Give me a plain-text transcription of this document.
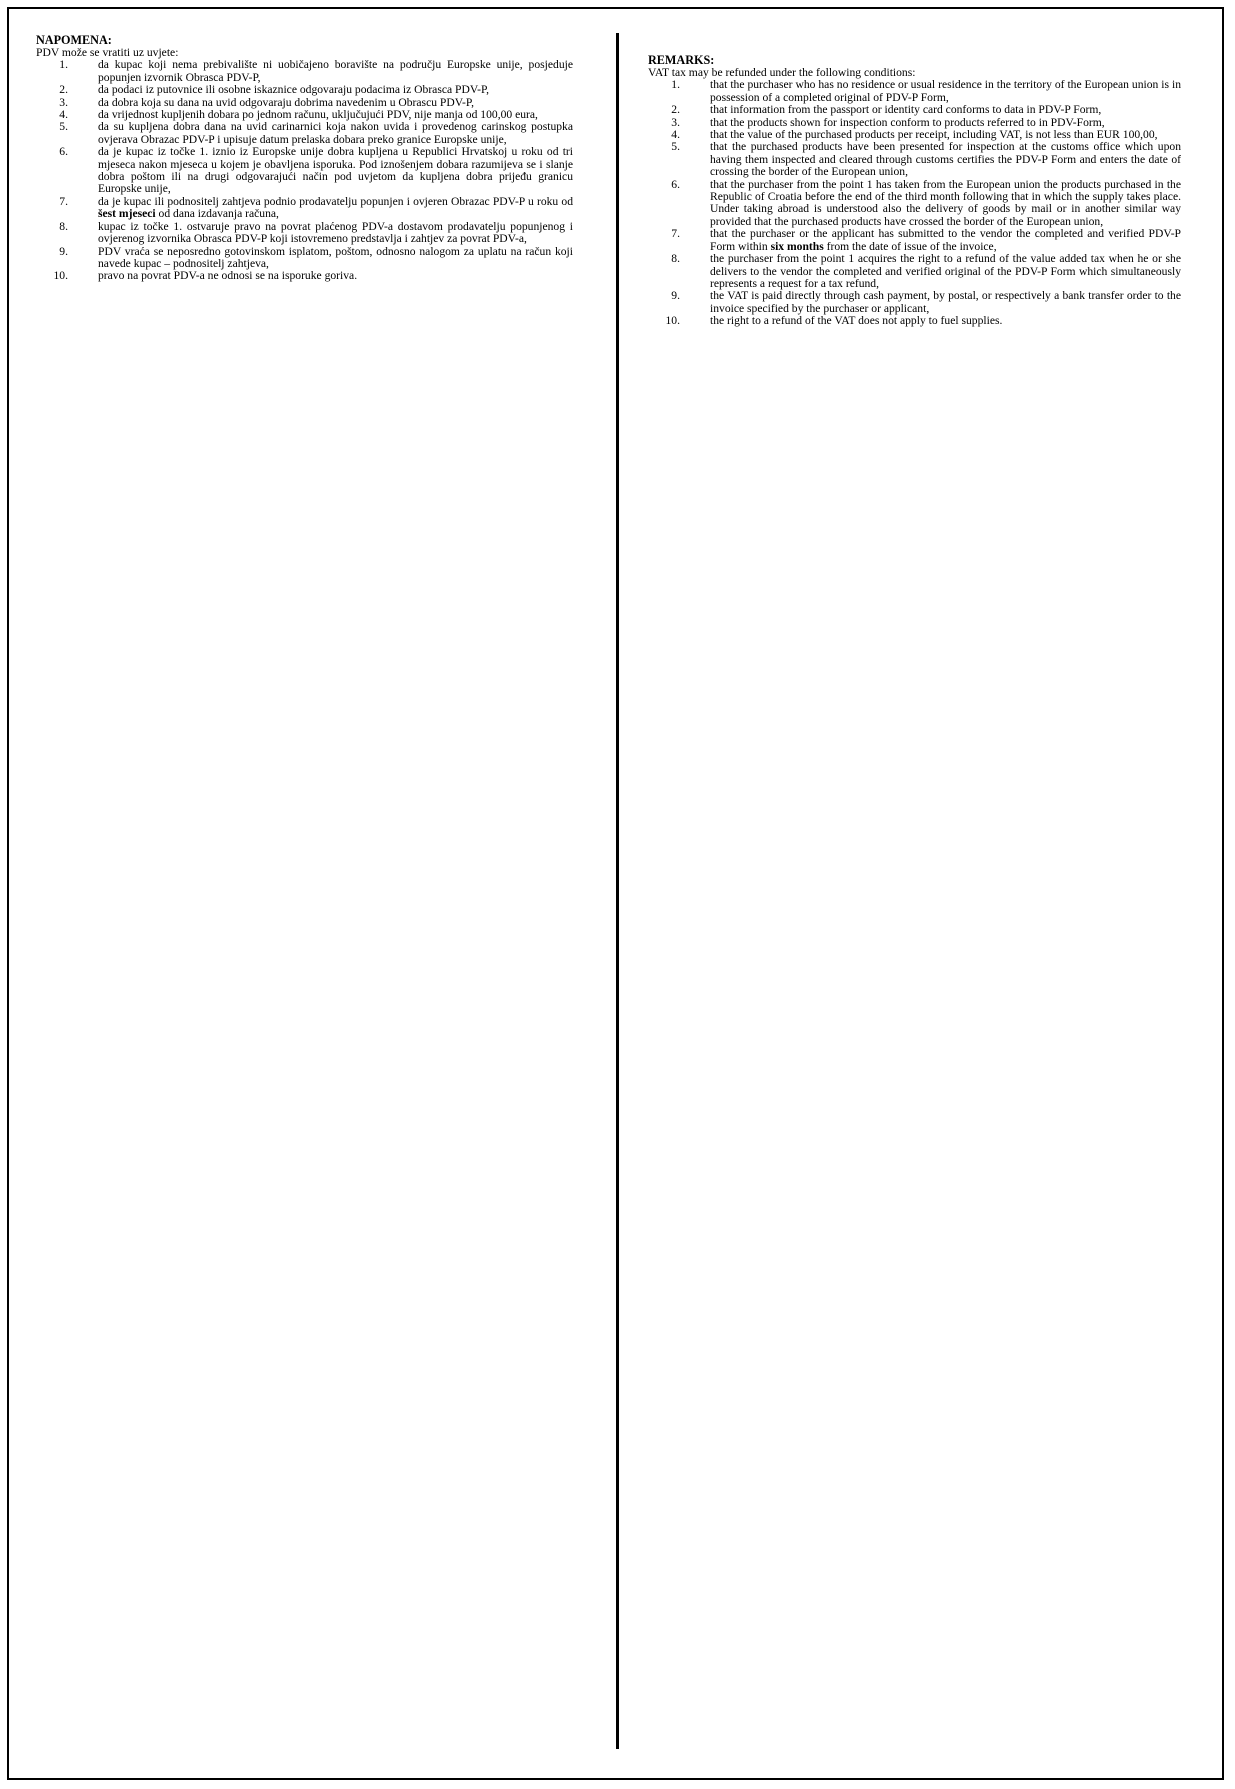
NAPOMENA:

PDV može se vratiti uz uvjete:

1.	da kupac koji nema prebivalište ni uobičajeno boravište na području Europske unije, posjeduje popunjen izvornik Obrasca PDV-P,
2.	da podaci iz putovnice ili osobne iskaznice odgovaraju podacima iz Obrasca PDV-P,
3.	da dobra koja su dana na uvid odgovaraju dobrima navedenim u Obrascu PDV-P,
4.	da vrijednost kupljenih dobara po jednom računu, uključujući PDV, nije manja od 100,00 eura,
5.	da su kupljena dobra dana na uvid carinarnici koja nakon uvida i provedenog carinskog postupka ovjerava Obrazac PDV-P i upisuje datum prelaska dobara preko granice Europske unije,
6.	da je kupac iz točke 1. iznio iz Europske unije dobra kupljena u Republici Hrvatskoj u roku od tri mjeseca nakon mjeseca u kojem je obavljena isporuka. Pod iznošenjem dobara razumijeva se i slanje dobra poštom ili na drugi odgovarajući način pod uvjetom da kupljena dobra prijeđu granicu Europske unije,
7.	da je kupac ili podnositelj zahtjeva podnio prodavatelju popunjen i ovjeren Obrazac PDV-P u roku od šest mjeseci od dana izdavanja računa,
8.	kupac iz točke 1. ostvaruje pravo na povrat plaćenog PDV-a dostavom prodavatelju popunjenog i ovjerenog izvornika Obrasca PDV-P koji istovremeno predstavlja i zahtjev za povrat PDV-a,
9.	PDV vraća se neposredno gotovinskom isplatom, poštom, odnosno nalogom za uplatu na račun koji navede kupac – podnositelj zahtjeva,
10.	pravo na povrat PDV-a ne odnosi se na isporuke goriva.
REMARKS:

VAT tax may be refunded under the following conditions:

1.	that the purchaser who has no residence or usual residence in the territory of the European union is in possession of a completed original of PDV-P Form,
2.	that information from the passport or identity card conforms to data in PDV-P Form,
3.	that the products shown for inspection conform to products referred to in PDV-Form,
4.	that the value of the purchased products per receipt, including VAT, is not less than EUR 100,00,
5.	that the purchased products have been presented for inspection at the customs office which upon having them inspected and cleared through customs certifies the PDV-P Form and enters the date of crossing the border of the European union,
6.	that the purchaser from the point 1 has taken from the European union the products purchased in the Republic of Croatia before the end of the third month following that in which the supply takes place. Under taking abroad is understood also the delivery of goods by mail or in another similar way provided that the purchased products have crossed the border of the European union,
7.	that the purchaser or the applicant has submitted to the vendor the completed and verified PDV-P Form within six months from the date of issue of the invoice,
8.	the purchaser from the point 1 acquires the right to a refund of the value added tax when he or she delivers to the vendor the completed and verified original of the PDV-P Form which simultaneously represents a request for a tax refund,
9.	the VAT is paid directly through cash payment, by postal, or respectively a bank transfer order to the invoice specified by the purchaser or applicant,
10.	the right to a refund of the VAT does not apply to fuel supplies.
